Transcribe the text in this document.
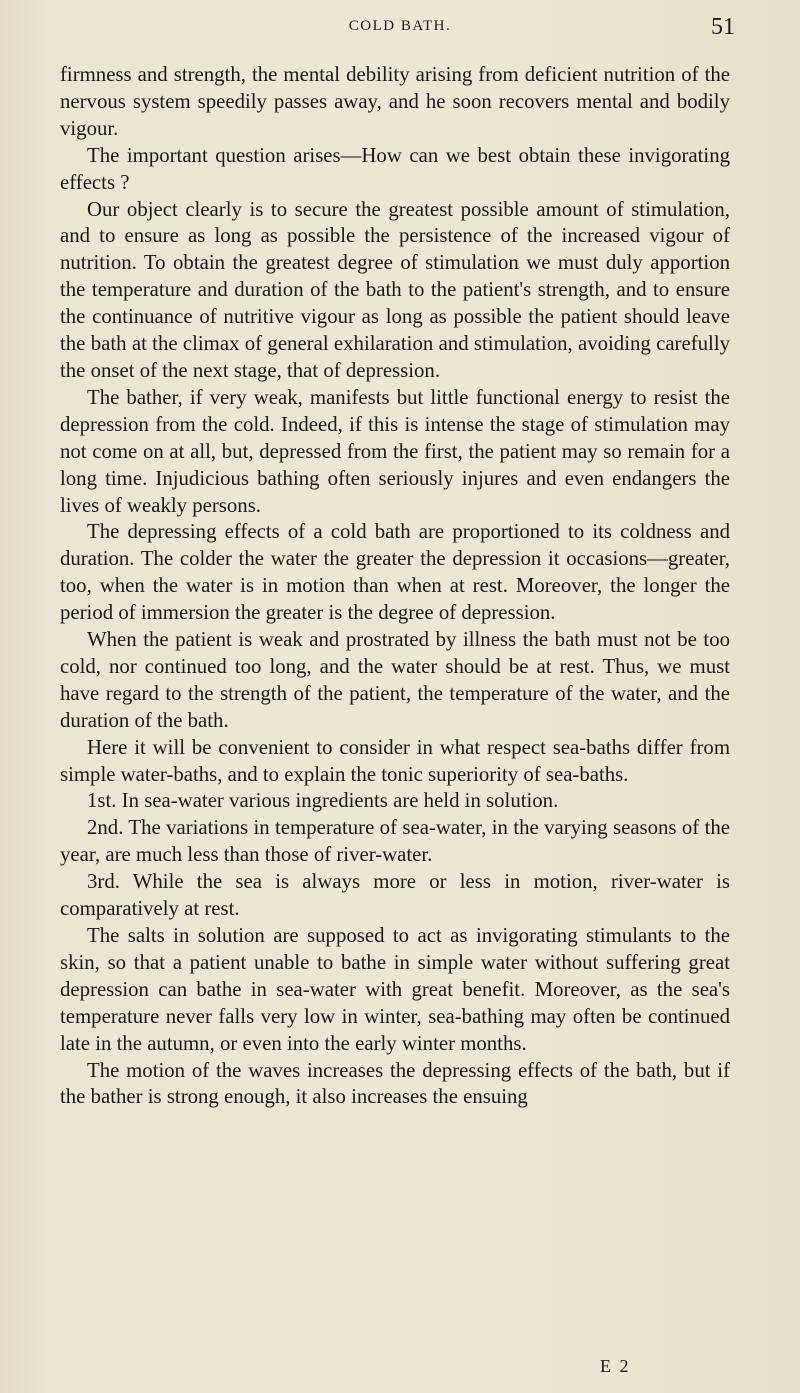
COLD BATH.	51

firmness and strength, the mental debility arising from deficient nutrition of the nervous system speedily passes away, and he soon recovers mental and bodily vigour.

The important question arises—How can we best obtain these invigorating effects ?

Our object clearly is to secure the greatest possible amount of stimulation, and to ensure as long as possible the persistence of the increased vigour of nutrition. To obtain the greatest degree of stimulation we must duly apportion the temperature and duration of the bath to the patient's strength, and to ensure the continuance of nutritive vigour as long as possible the patient should leave the bath at the climax of general exhilaration and stimulation, avoiding carefully the onset of the next stage, that of depression.

The bather, if very weak, manifests but little functional energy to resist the depression from the cold. Indeed, if this is intense the stage of stimulation may not come on at all, but, depressed from the first, the patient may so remain for a long time. Injudicious bathing often seriously injures and even endangers the lives of weakly persons.

The depressing effects of a cold bath are proportioned to its coldness and duration. The colder the water the greater the depression it occasions—greater, too, when the water is in motion than when at rest. Moreover, the longer the period of immersion the greater is the degree of depression.

When the patient is weak and prostrated by illness the bath must not be too cold, nor continued too long, and the water should be at rest. Thus, we must have regard to the strength of the patient, the temperature of the water, and the duration of the bath.

Here it will be convenient to consider in what respect sea-baths differ from simple water-baths, and to explain the tonic superiority of sea-baths.

1st. In sea-water various ingredients are held in solution.

2nd. The variations in temperature of sea-water, in the varying seasons of the year, are much less than those of river-water.

3rd. While the sea is always more or less in motion, river-water is comparatively at rest.

The salts in solution are supposed to act as invigorating stimulants to the skin, so that a patient unable to bathe in simple water without suffering great depression can bathe in sea-water with great benefit. Moreover, as the sea's temperature never falls very low in winter, sea-bathing may often be continued late in the autumn, or even into the early winter months.

The motion of the waves increases the depressing effects of the bath, but if the bather is strong enough, it also increases the ensuing

E 2
